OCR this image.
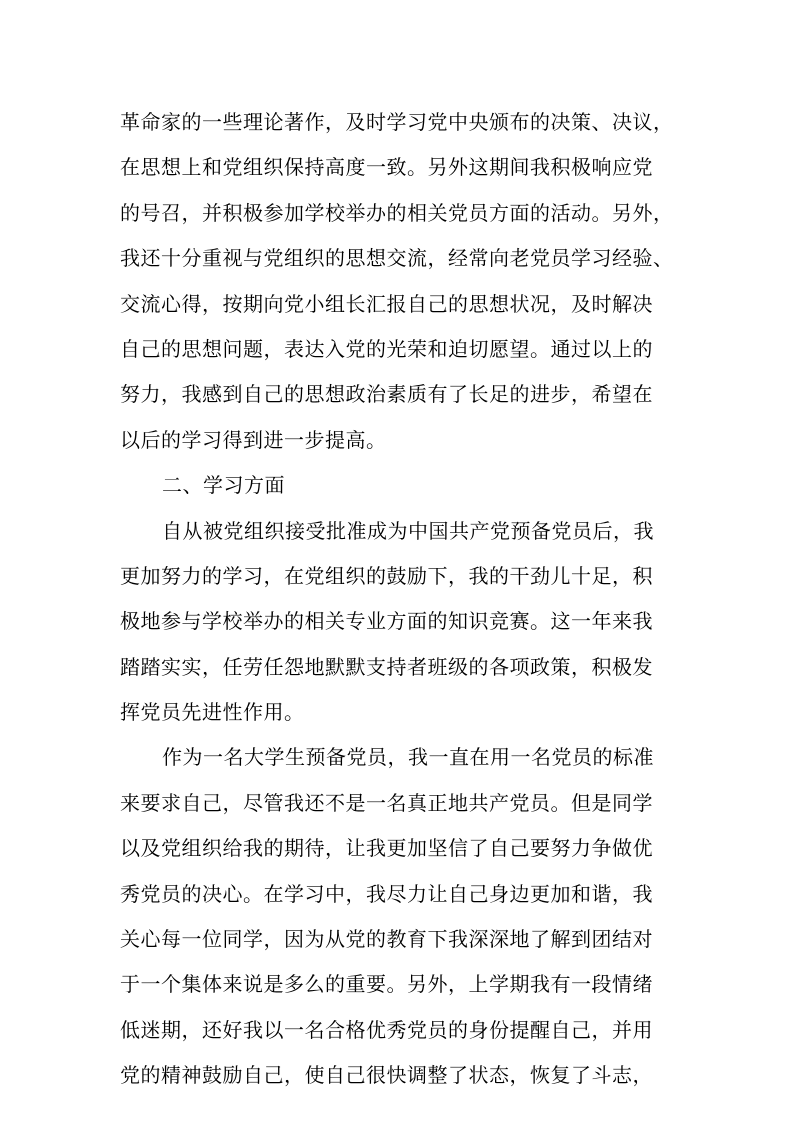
革命家的一些理论著作，及时学习党中央颁布的决策、决议，
在思想上和党组织保持高度一致。另外这期间我积极响应党
的号召，并积极参加学校举办的相关党员方面的活动。另外，
我还十分重视与党组织的思想交流，经常向老党员学习经验、
交流心得，按期向党小组长汇报自己的思想状况，及时解决
自己的思想问题，表达入党的光荣和迫切愿望。通过以上的
努力，我感到自己的思想政治素质有了长足的进步，希望在
以后的学习得到进一步提高。
二、学习方面
自从被党组织接受批准成为中国共产党预备党员后，我
更加努力的学习，在党组织的鼓励下，我的干劲儿十足，积
极地参与学校举办的相关专业方面的知识竞赛。这一年来我
踏踏实实，任劳任怨地默默支持者班级的各项政策，积极发
挥党员先进性作用。
作为一名大学生预备党员，我一直在用一名党员的标准
来要求自己，尽管我还不是一名真正地共产党员。但是同学
以及党组织给我的期待，让我更加坚信了自己要努力争做优
秀党员的决心。在学习中，我尽力让自己身边更加和谐，我
关心每一位同学，因为从党的教育下我深深地了解到团结对
于一个集体来说是多么的重要。另外，上学期我有一段情绪
低迷期，还好我以一名合格优秀党员的身份提醒自己，并用
党的精神鼓励自己，使自己很快调整了状态，恢复了斗志，
